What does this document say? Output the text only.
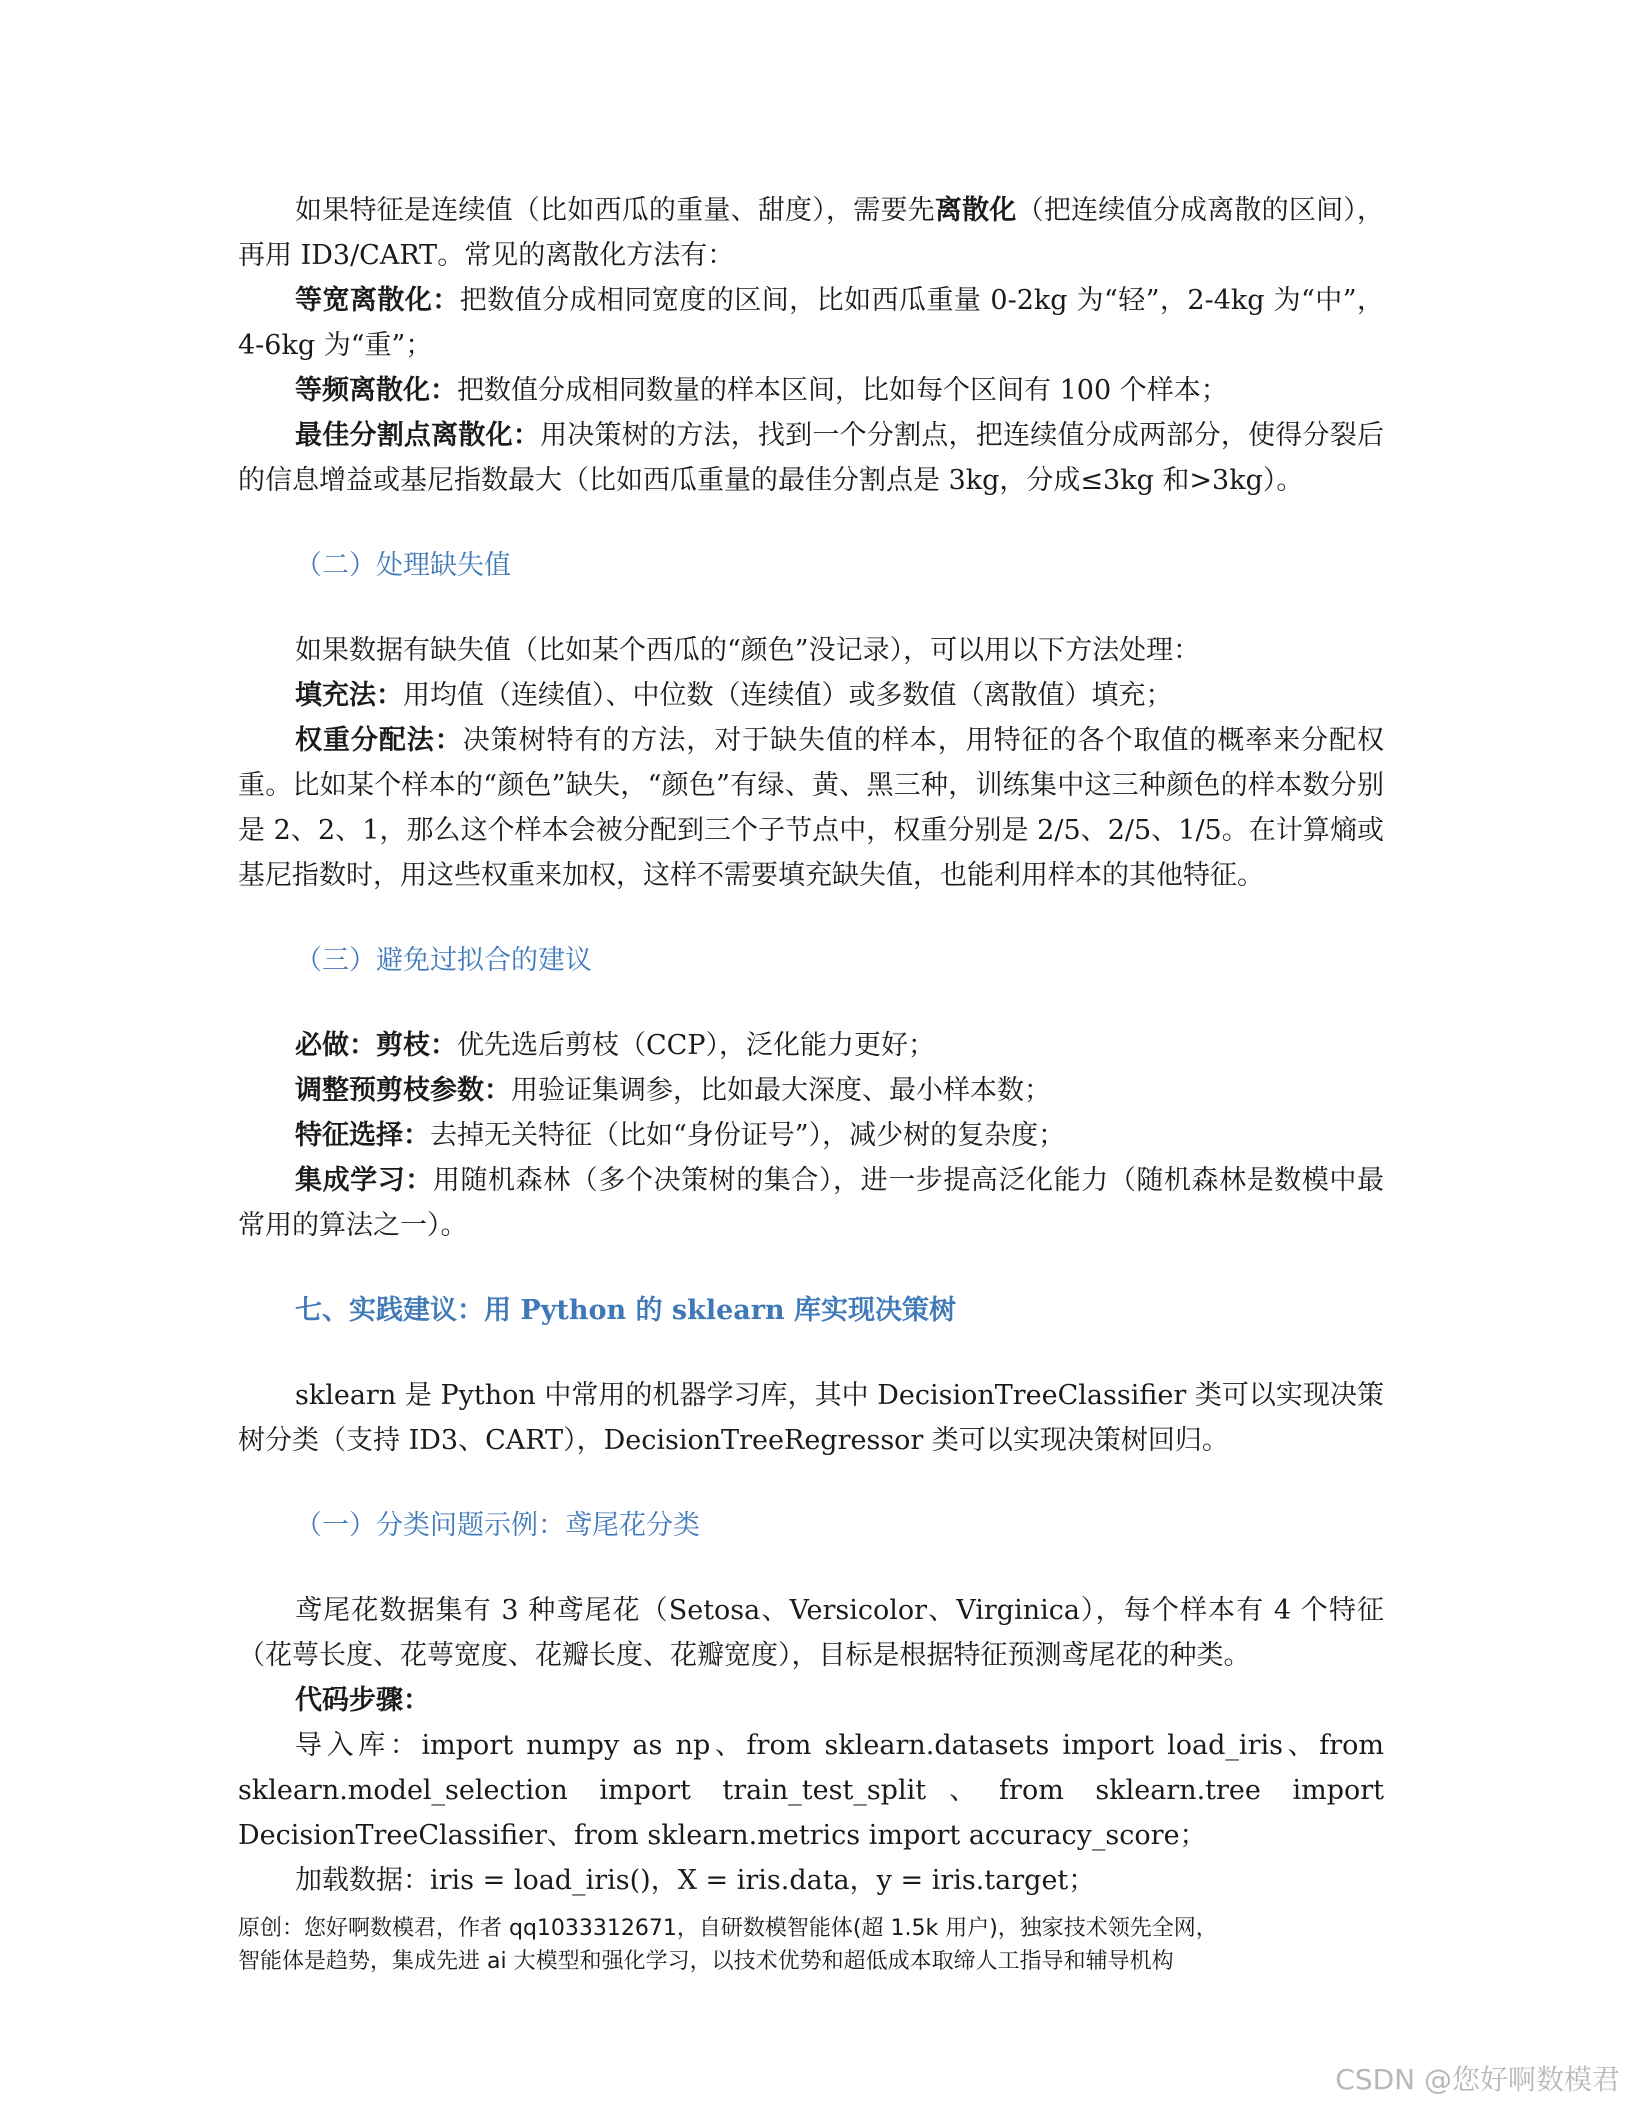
如果特征是连续值（比如西瓜的重量、甜度），需要先离散化（把连续值分成离散的区间），再用 ID3/CART。常见的离散化方法有：

等宽离散化：把数值分成相同宽度的区间，比如西瓜重量 0-2kg 为“轻”，2-4kg 为“中”，4-6kg 为“重”；

等频离散化：把数值分成相同数量的样本区间，比如每个区间有 100 个样本；

最佳分割点离散化：用决策树的方法，找到一个分割点，把连续值分成两部分，使得分裂后的信息增益或基尼指数最大（比如西瓜重量的最佳分割点是 3kg，分成≤3kg 和>3kg）。

（二）处理缺失值

如果数据有缺失值（比如某个西瓜的“颜色”没记录），可以用以下方法处理：

填充法：用均值（连续值）、中位数（连续值）或多数值（离散值）填充；

权重分配法：决策树特有的方法，对于缺失值的样本，用特征的各个取值的概率来分配权重。比如某个样本的“颜色”缺失，“颜色”有绿、黄、黑三种，训练集中这三种颜色的样本数分别是 2、2、1，那么这个样本会被分配到三个子节点中，权重分别是 2/5、2/5、1/5。在计算熵或基尼指数时，用这些权重来加权，这样不需要填充缺失值，也能利用样本的其他特征。

（三）避免过拟合的建议

必做：剪枝：优先选后剪枝（CCP），泛化能力更好；

调整预剪枝参数：用验证集调参，比如最大深度、最小样本数；

特征选择：去掉无关特征（比如“身份证号”），减少树的复杂度；

集成学习：用随机森林（多个决策树的集合），进一步提高泛化能力（随机森林是数模中最常用的算法之一）。

七、实践建议：用 Python 的 sklearn 库实现决策树

sklearn 是 Python 中常用的机器学习库，其中 DecisionTreeClassifier 类可以实现决策树分类（支持 ID3、CART），DecisionTreeRegressor 类可以实现决策树回归。

（一）分类问题示例：鸢尾花分类

鸢尾花数据集有 3 种鸢尾花（Setosa、Versicolor、Virginica），每个样本有 4 个特征（花萼长度、花萼宽度、花瓣长度、花瓣宽度），目标是根据特征预测鸢尾花的种类。

代码步骤：

导入库：import numpy as np、from sklearn.datasets import load_iris、from sklearn.model_selection import train_test_split、from sklearn.tree import DecisionTreeClassifier、from sklearn.metrics import accuracy_score；

加载数据：iris = load_iris()，X = iris.data，y = iris.target；

原创：您好啊数模君，作者 qq1033312671，自研数模智能体(超 1.5k 用户)，独家技术领先全网，
智能体是趋势，集成先进 ai 大模型和强化学习，以技术优势和超低成本取缔人工指导和辅导机构
CSDN @您好啊数模君
